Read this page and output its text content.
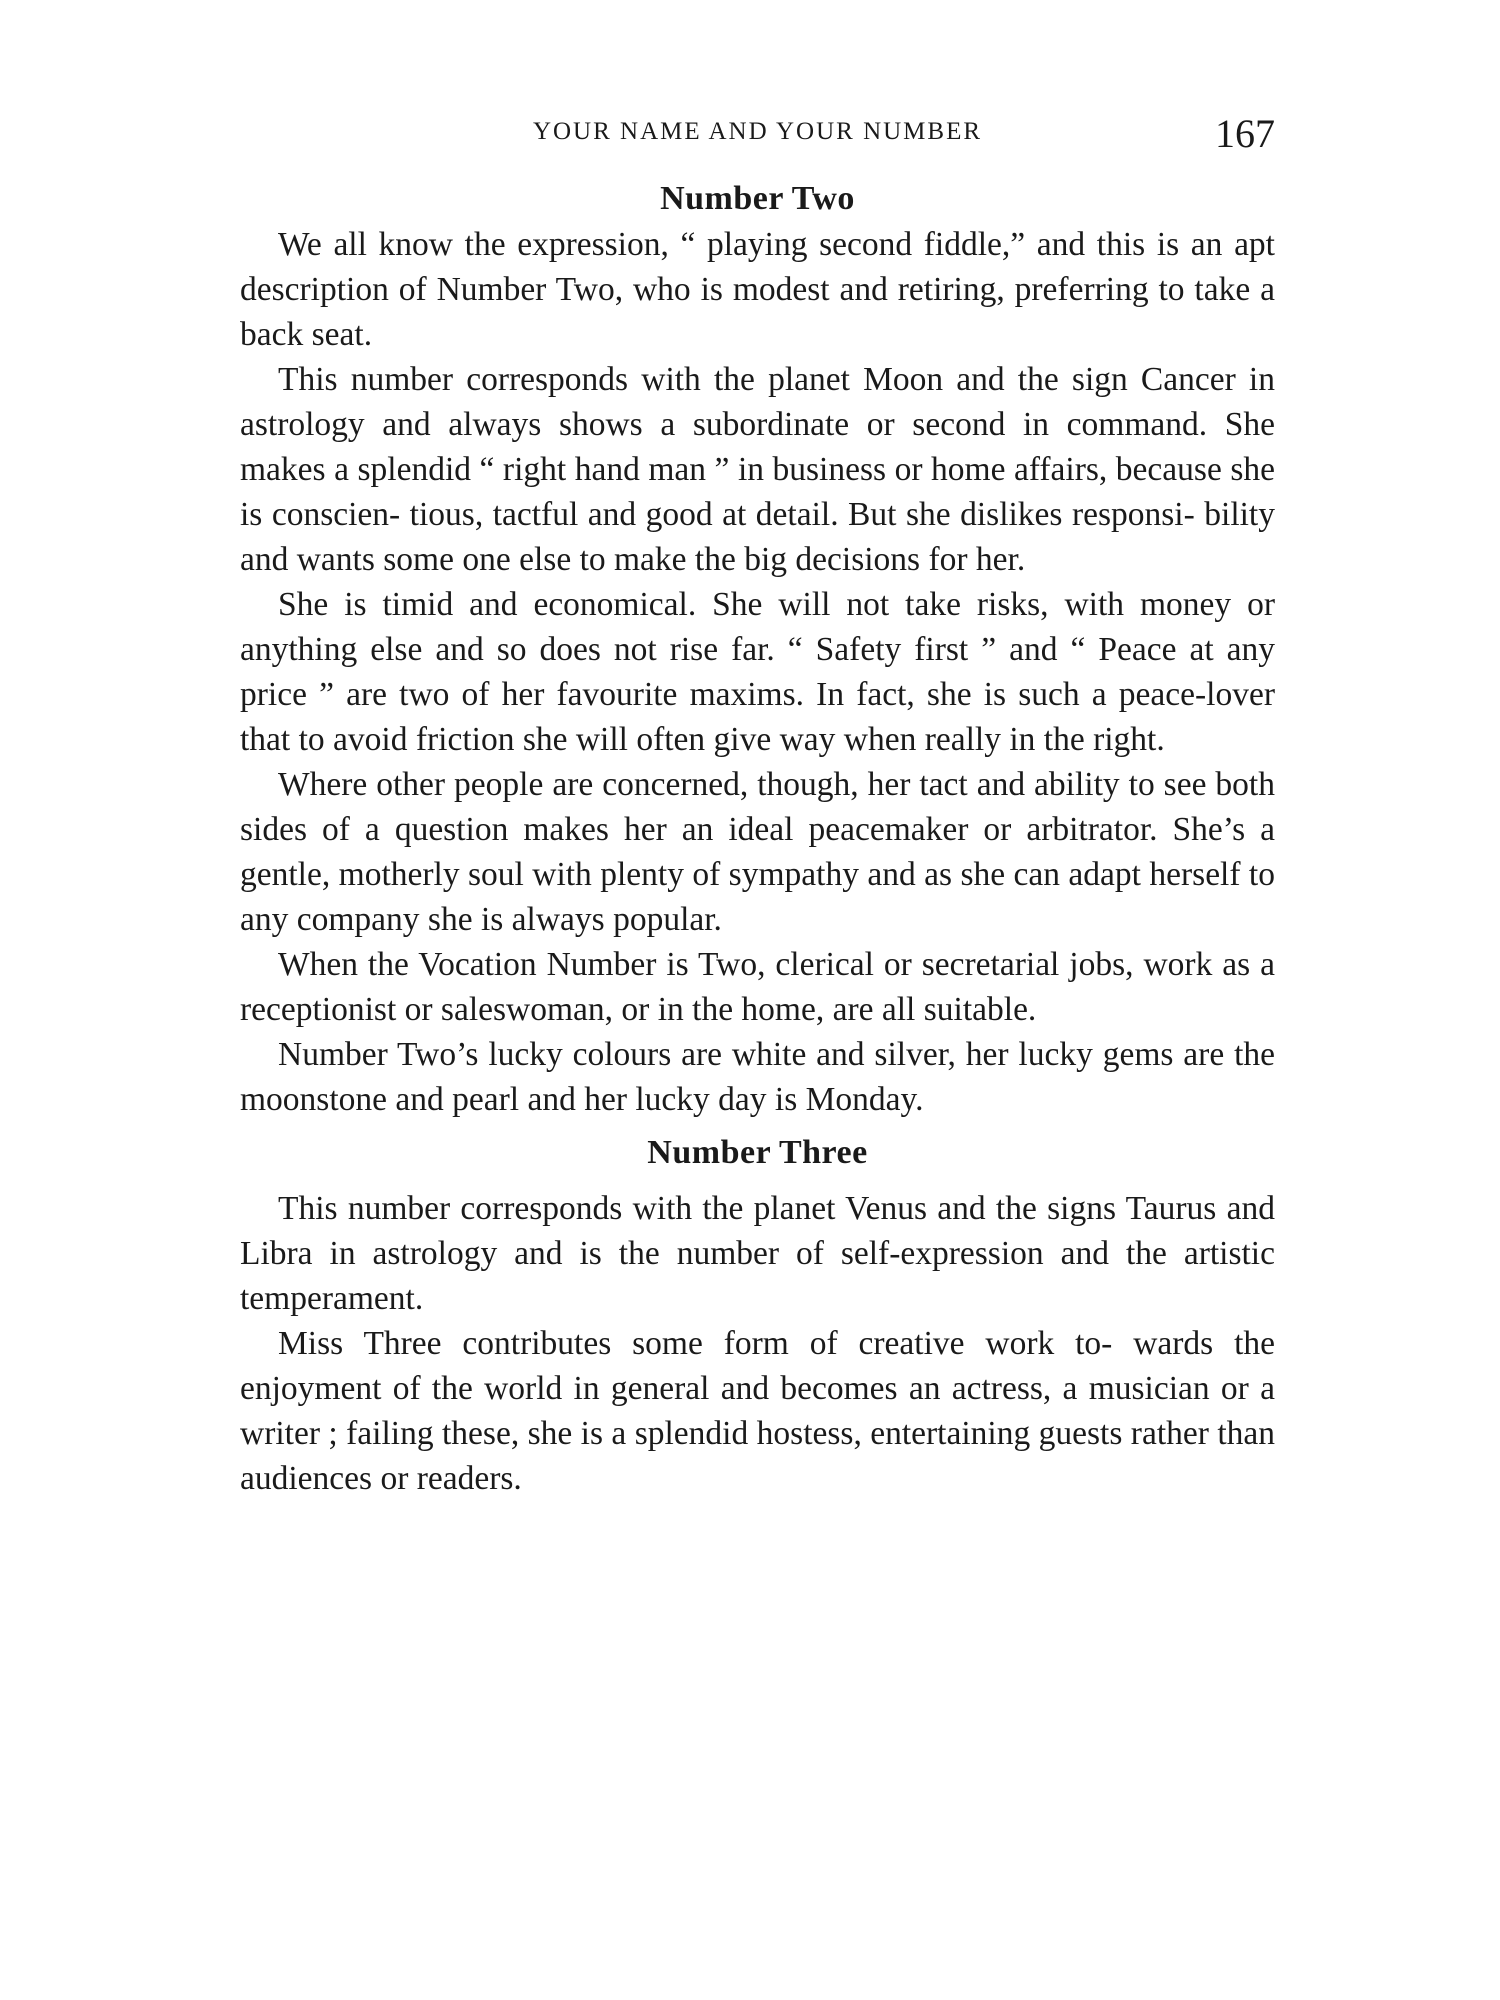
YOUR NAME AND YOUR NUMBER	167
Number Two

We all know the expression, “ playing second fiddle,” and this is an apt description of Number Two, who is modest and retiring, preferring to take a back seat.

This number corresponds with the planet Moon and the sign Cancer in astrology and always shows a subordinate or second in command. She makes a splendid “ right hand man ” in business or home affairs, because she is conscien- tious, tactful and good at detail. But she dislikes responsi- bility and wants some one else to make the big decisions for her.

She is timid and economical. She will not take risks, with money or anything else and so does not rise far. “ Safety first ” and “ Peace at any price ” are two of her favourite maxims. In fact, she is such a peace-lover that to avoid friction she will often give way when really in the right.

Where other people are concerned, though, her tact and ability to see both sides of a question makes her an ideal peacemaker or arbitrator. She’s a gentle, motherly soul with plenty of sympathy and as she can adapt herself to any company she is always popular.

When the Vocation Number is Two, clerical or secretarial jobs, work as a receptionist or saleswoman, or in the home, are all suitable.

Number Two’s lucky colours are white and silver, her lucky gems are the moonstone and pearl and her lucky day is Monday.

Number Three

This number corresponds with the planet Venus and the signs Taurus and Libra in astrology and is the number of self-expression and the artistic temperament.

Miss Three contributes some form of creative work to- wards the enjoyment of the world in general and becomes an actress, a musician or a writer ; failing these, she is a splendid hostess, entertaining guests rather than audiences or readers.
